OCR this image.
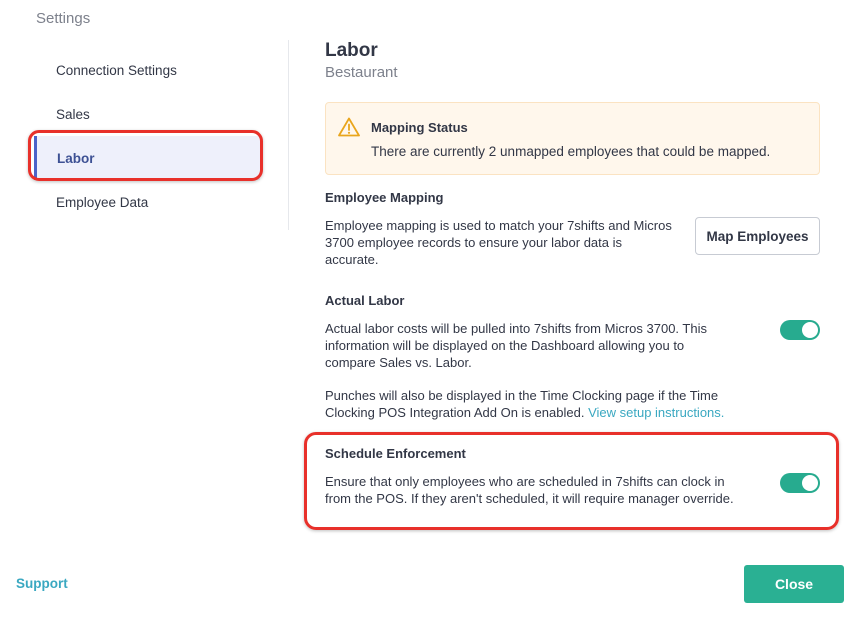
Settings
Connection Settings
Sales
Labor
Employee Data
Labor
Bestaurant
Mapping Status
There are currently 2 unmapped employees that could be mapped.
Employee Mapping
Employee mapping is used to match your 7shifts and Micros
3700 employee records to ensure your labor data is
accurate.
Map Employees
Actual Labor
Actual labor costs will be pulled into 7shifts from Micros 3700. This
information will be displayed on the Dashboard allowing you to
compare Sales vs. Labor.
Punches will also be displayed in the Time Clocking page if the Time
Clocking POS Integration Add On is enabled. View setup instructions.
Schedule Enforcement
Ensure that only employees who are scheduled in 7shifts can clock in
from the POS. If they aren't scheduled, it will require manager override.
Support	Close
